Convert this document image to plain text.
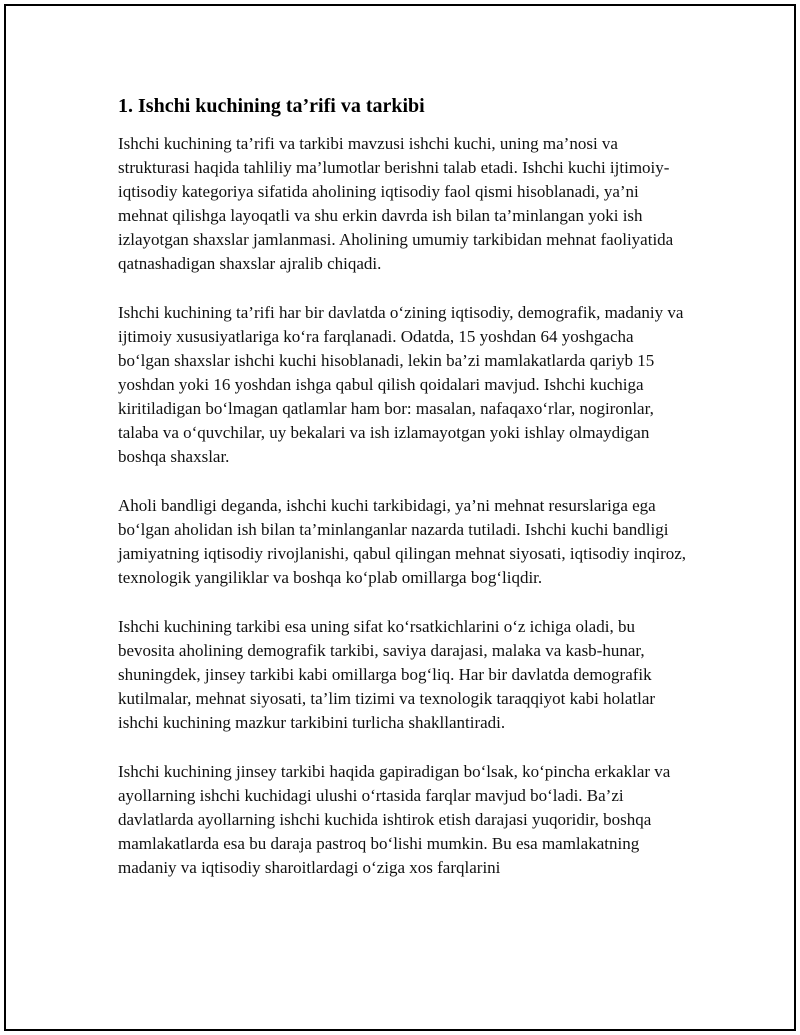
1. Ishchi kuchining ta’rifi va tarkibi

Ishchi kuchining ta’rifi va tarkibi mavzusi ishchi kuchi, uning ma’nosi va strukturasi haqida tahliliy ma’lumotlar berishni talab etadi. Ishchi kuchi ijtimoiy-iqtisodiy kategoriya sifatida aholining iqtisodiy faol qismi hisoblanadi, ya’ni mehnat qilishga layoqatli va shu erkin davrda ish bilan ta’minlangan yoki ish izlayotgan shaxslar jamlanmasi. Aholining umumiy tarkibidan mehnat faoliyatida qatnashadigan shaxslar ajralib chiqadi.

Ishchi kuchining ta’rifi har bir davlatda o‘zining iqtisodiy, demografik, madaniy va ijtimoiy xususiyatlariga ko‘ra farqlanadi. Odatda, 15 yoshdan 64 yoshgacha bo‘lgan shaxslar ishchi kuchi hisoblanadi, lekin ba’zi mamlakatlarda qariyb 15 yoshdan yoki 16 yoshdan ishga qabul qilish qoidalari mavjud. Ishchi kuchiga kiritiladigan bo‘lmagan qatlamlar ham bor: masalan, nafaqaxo‘rlar, nogironlar, talaba va o‘quvchilar, uy bekalari va ish izlamayotgan yoki ishlay olmaydigan boshqa shaxslar.

Aholi bandligi deganda, ishchi kuchi tarkibidagi, ya’ni mehnat resurslariga ega bo‘lgan aholidan ish bilan ta’minlanganlar nazarda tutiladi. Ishchi kuchi bandligi jamiyatning iqtisodiy rivojlanishi, qabul qilingan mehnat siyosati, iqtisodiy inqiroz, texnologik yangiliklar va boshqa ko‘plab omillarga bog‘liqdir.

Ishchi kuchining tarkibi esa uning sifat ko‘rsatkichlarini o‘z ichiga oladi, bu bevosita aholining demografik tarkibi, saviya darajasi, malaka va kasb-hunar, shuningdek, jinsey tarkibi kabi omillarga bog‘liq. Har bir davlatda demografik kutilmalar, mehnat siyosati, ta’lim tizimi va texnologik taraqqiyot kabi holatlar ishchi kuchining mazkur tarkibini turlicha shakllantiradi.

Ishchi kuchining jinsey tarkibi haqida gapiradigan bo‘lsak, ko‘pincha erkaklar va ayollarning ishchi kuchidagi ulushi o‘rtasida farqlar mavjud bo‘ladi. Ba’zi davlatlarda ayollarning ishchi kuchida ishtirok etish darajasi yuqoridir, boshqa mamlakatlarda esa bu daraja pastroq bo‘lishi mumkin. Bu esa mamlakatning madaniy va iqtisodiy sharoitlardagi o‘ziga xos farqlarini
